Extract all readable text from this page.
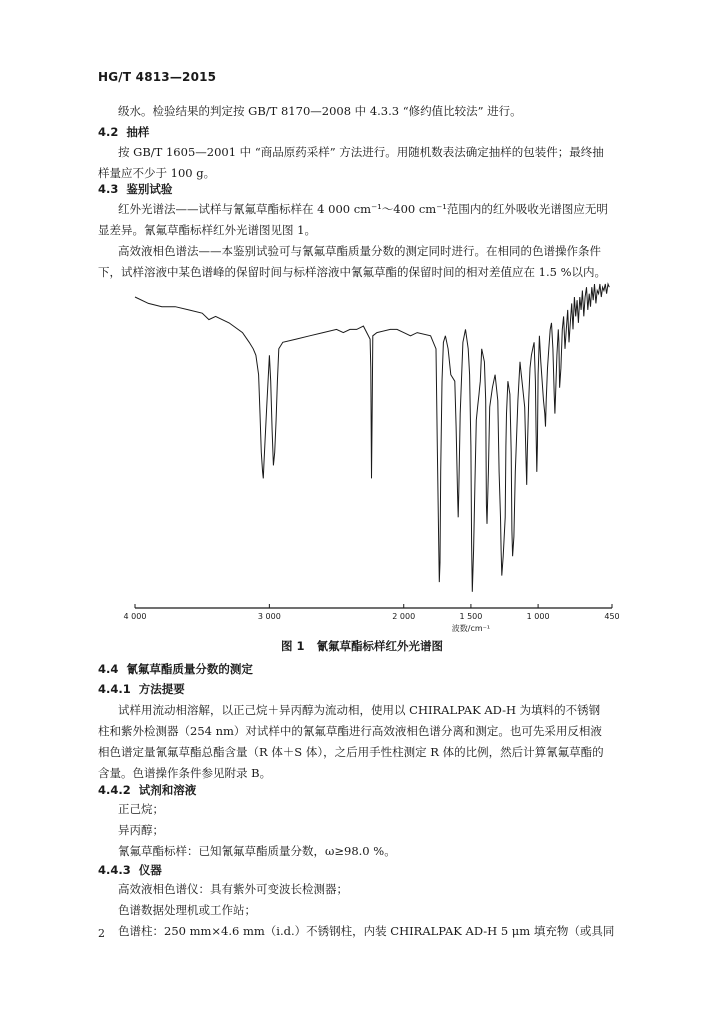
HG/T 4813—2015
级水。检验结果的判定按 GB/T 8170—2008 中 4.3.3 “修约值比较法” 进行。
4.2 抽样
按 GB/T 1605—2001 中 “商品原药采样” 方法进行。用随机数表法确定抽样的包装件；最终抽
样量应不少于 100 g。
4.3 鉴别试验
红外光谱法——试样与氰氟草酯标样在 4 000 cm⁻¹～400 cm⁻¹范围内的红外吸收光谱图应无明
显差异。氰氟草酯标样红外光谱图见图 1。
高效液相色谱法——本鉴别试验可与氰氟草酯质量分数的测定同时进行。在相同的色谱操作条件
下，试样溶液中某色谱峰的保留时间与标样溶液中氰氟草酯的保留时间的相对差值应在 1.5 %以内。
4 000	3 000	2 000	1 500	1 000	450
波数/cm⁻¹
图 1 氰氟草酯标样红外光谱图
4.4 氰氟草酯质量分数的测定
4.4.1 方法提要
试样用流动相溶解，以正己烷＋异丙醇为流动相，使用以 CHIRALPAK AD-H 为填料的不锈钢
柱和紫外检测器（254 nm）对试样中的氰氟草酯进行高效液相色谱分离和测定。也可先采用反相液
相色谱定量氰氟草酯总酯含量（R 体＋S 体），之后用手性柱测定 R 体的比例，然后计算氰氟草酯的
含量。色谱操作条件参见附录 B。
4.4.2 试剂和溶液
正己烷；
异丙醇；
氰氟草酯标样：已知氰氟草酯质量分数，ω≥98.0 %。
4.4.3 仪器
高效液相色谱仪：具有紫外可变波长检测器；
色谱数据处理机或工作站；
色谱柱：250 mm×4.6 mm（i.d.）不锈钢柱，内装 CHIRALPAK AD-H 5 μm 填充物（或具同
2
